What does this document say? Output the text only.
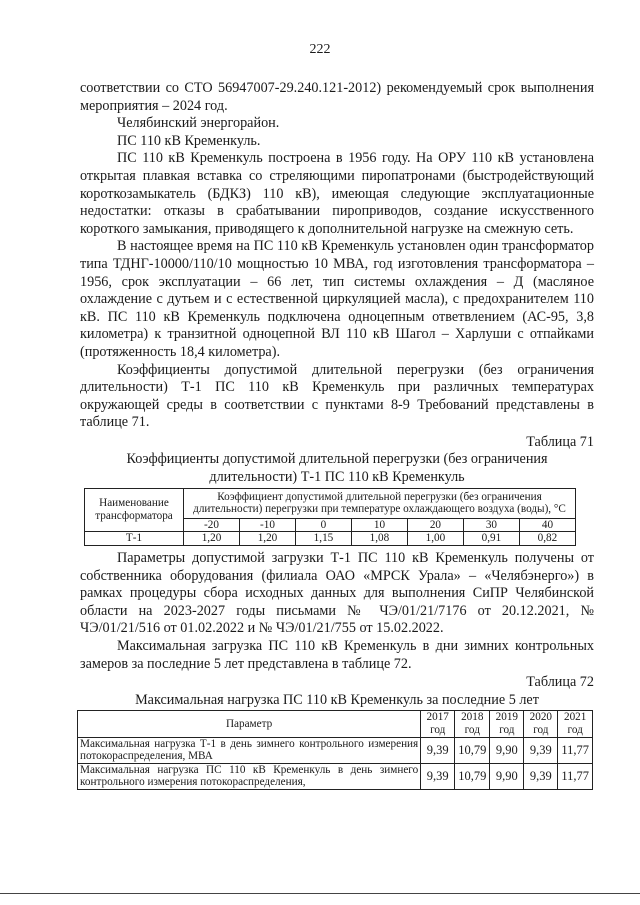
222

соответствии со СТО 56947007-29.240.121-2012) рекомендуемый срок выполнения мероприятия – 2024 год.

Челябинский энергорайон.

ПС 110 кВ Кременкуль.

ПС 110 кВ Кременкуль построена в 1956 году. На ОРУ 110 кВ установлена открытая плавкая вставка со стреляющими пиропатронами (быстродействующий короткозамыкатель (БДКЗ) 110 кВ), имеющая следующие эксплуатационные недостатки: отказы в срабатывании пироприводов, создание искусственного короткого замыкания, приводящего к дополнительной нагрузке на смежную сеть.

В настоящее время на ПС 110 кВ Кременкуль установлен один трансформатор типа ТДНГ-10000/110/10 мощностью 10 МВА, год изготовления трансформатора – 1956, срок эксплуатации – 66 лет, тип системы охлаждения – Д (масляное охлаждение с дутьем и с естественной циркуляцией масла), с предохранителем 110 кВ. ПС 110 кВ Кременкуль подключена одноцепным ответвлением (АС-95, 3,8 километра) к транзитной одноцепной ВЛ 110 кВ Шагол – Харлуши с отпайками (протяженность 18,4 километра).

Коэффициенты допустимой длительной перегрузки (без ограничения длительности) Т-1 ПС 110 кВ Кременкуль при различных температурах окружающей среды в соответствии с пунктами 8-9 Требований представлены в таблице 71.

Таблица 71

Коэффициенты допустимой длительной перегрузки (без ограничения длительности) Т-1 ПС 110 кВ Кременкуль

Наименование трансформатора	Коэффициент допустимой длительной перегрузки (без ограничения длительности) перегрузки при температуре охлаждающего воздуха (воды), °С						
	-20	-10	0	10	20	30	40
Т-1	1,20	1,20	1,15	1,08	1,00	0,91	0,82

Параметры допустимой загрузки Т-1 ПС 110 кВ Кременкуль получены от собственника оборудования (филиала ОАО «МРСК Урала» – «Челябэнерго») в рамках процедуры сбора исходных данных для выполнения СиПР Челябинской области на 2023-2027 годы письмами № ЧЭ/01/21/7176 от 20.12.2021, № ЧЭ/01/21/516 от 01.02.2022 и № ЧЭ/01/21/755 от 15.02.2022.

Максимальная загрузка ПС 110 кВ Кременкуль в дни зимних контрольных замеров за последние 5 лет представлена в таблице 72.

Таблица 72

Максимальная нагрузка ПС 110 кВ Кременкуль за последние 5 лет

Параметр	2017 год	2018 год	2019 год	2020 год	2021 год
Максимальная нагрузка Т-1 в день зимнего контрольного измерения потокораспределения, МВА	9,39	10,79	9,90	9,39	11,77
Максимальная нагрузка ПС 110 кВ Кременкуль в день зимнего контрольного измерения потокораспределения,	9,39	10,79	9,90	9,39	11,77
